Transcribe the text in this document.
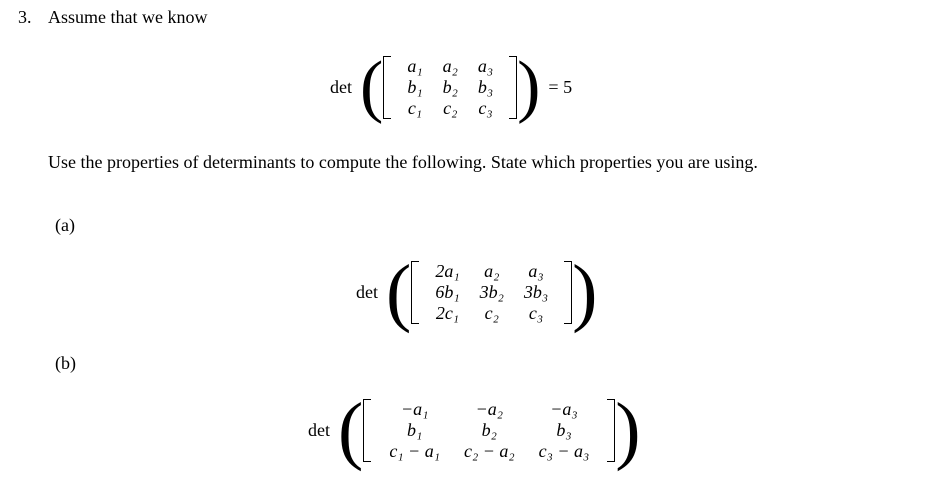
3. Assume that we know
det ( a₁	a₂	a₃
b₁	b₂	b₃
c₁	c₂	c₃ ) = 5
Use the properties of determinants to compute the following. State which properties you are using.
(a)
det ( 2a₁	a₂	a₃
6b₁	3b₂	3b₃
2c₁	c₂	c₃ )
(b)
det ( −a₁	−a₂	−a₃
b₁	b₂	b₃
c₁ − a₁	c₂ − a₂	c₃ − a₃ )
